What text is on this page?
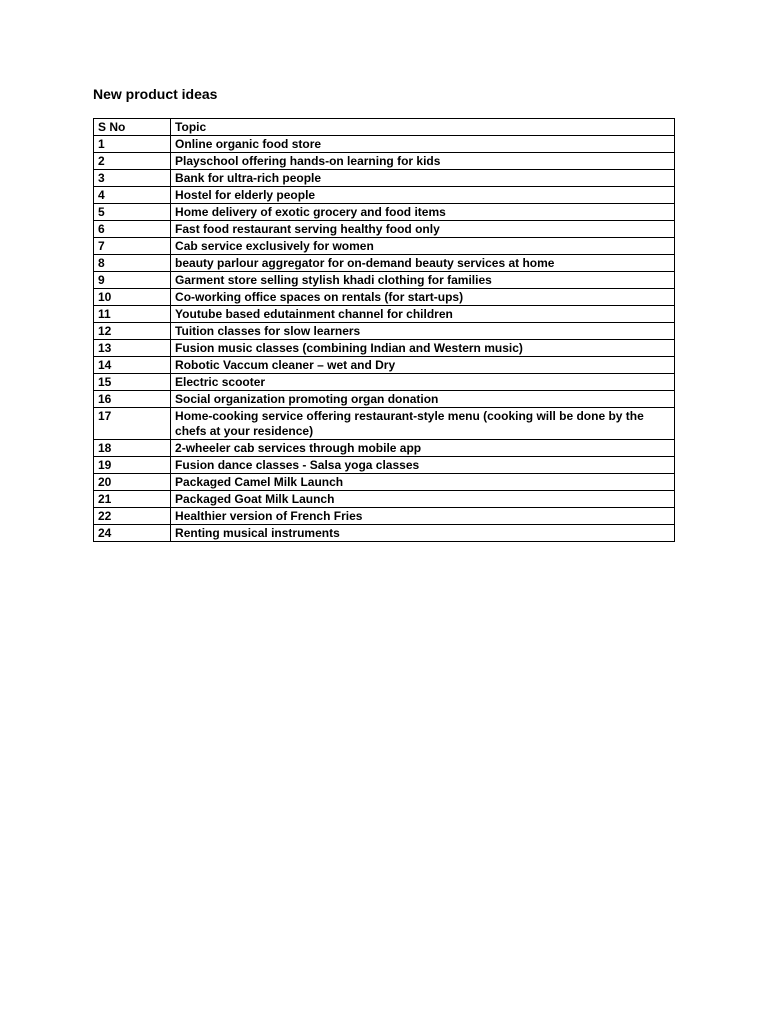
New product ideas
S No	Topic
1	Online organic food store
2	Playschool offering hands-on learning for kids
3	Bank for ultra-rich people
4	Hostel for elderly people
5	Home delivery of exotic grocery and food items
6	Fast food restaurant serving healthy food only
7	Cab service exclusively for women
8	beauty parlour aggregator for on-demand beauty services at home
9	Garment store selling stylish khadi clothing for families
10	Co-working office spaces on rentals (for start-ups)
11	Youtube based edutainment channel for children
12	Tuition classes for slow learners
13	Fusion music classes (combining Indian and Western music)
14	Robotic Vaccum cleaner – wet and Dry
15	Electric scooter
16	Social organization promoting organ donation
17	Home-cooking service offering restaurant-style menu (cooking will be done by the chefs at your residence)
18	2-wheeler cab services through mobile app
19	Fusion dance classes - Salsa yoga classes
20	Packaged Camel Milk Launch
21	Packaged Goat Milk Launch
22	Healthier version of French Fries
24	Renting musical instruments
